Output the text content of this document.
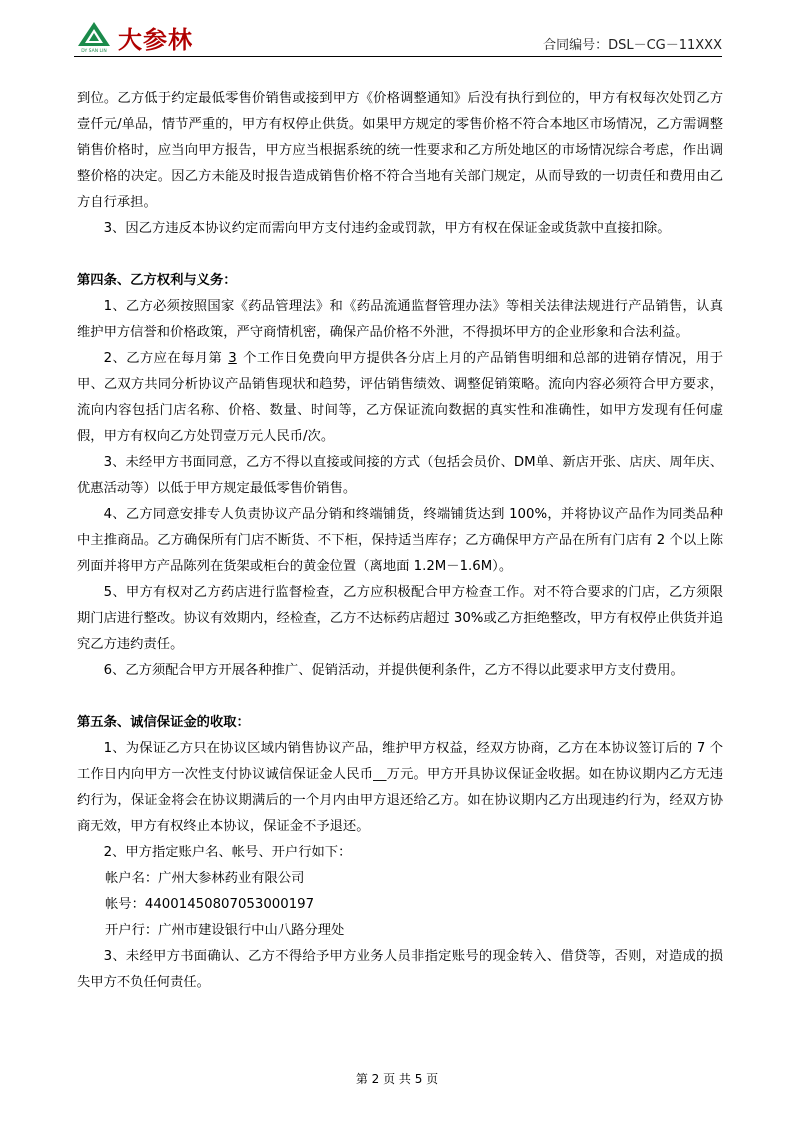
DY SAN LIN 大参林	合同编号：DSL－CG－11XXX

到位。乙方低于约定最低零售价销售或接到甲方《价格调整通知》后没有执行到位的，甲方有权每次处罚乙方壹仟元/单品，情节严重的，甲方有权停止供货。如果甲方规定的零售价格不符合本地区市场情况，乙方需调整销售价格时，应当向甲方报告，甲方应当根据系统的统一性要求和乙方所处地区的市场情况综合考虑，作出调整价格的决定。因乙方未能及时报告造成销售价格不符合当地有关部门规定，从而导致的一切责任和费用由乙方自行承担。

3、因乙方违反本协议约定而需向甲方支付违约金或罚款，甲方有权在保证金或货款中直接扣除。

第四条、乙方权利与义务：

1、乙方必须按照国家《药品管理法》和《药品流通监督管理办法》等相关法律法规进行产品销售，认真维护甲方信誉和价格政策，严守商情机密，确保产品价格不外泄，不得损坏甲方的企业形象和合法利益。

2、乙方应在每月第 3 个工作日免费向甲方提供各分店上月的产品销售明细和总部的进销存情况，用于甲、乙双方共同分析协议产品销售现状和趋势，评估销售绩效、调整促销策略。流向内容必须符合甲方要求，流向内容包括门店名称、价格、数量、时间等，乙方保证流向数据的真实性和准确性，如甲方发现有任何虚假，甲方有权向乙方处罚壹万元人民币/次。

3、未经甲方书面同意，乙方不得以直接或间接的方式（包括会员价、DM单、新店开张、店庆、周年庆、优惠活动等）以低于甲方规定最低零售价销售。

4、乙方同意安排专人负责协议产品分销和终端铺货，终端铺货达到 100%，并将协议产品作为同类品种中主推商品。乙方确保所有门店不断货、不下柜，保持适当库存；乙方确保甲方产品在所有门店有 2 个以上陈列面并将甲方产品陈列在货架或柜台的黄金位置（离地面 1.2M－1.6M）。

5、甲方有权对乙方药店进行监督检查，乙方应积极配合甲方检查工作。对不符合要求的门店，乙方须限期门店进行整改。协议有效期内，经检查，乙方不达标药店超过 30%或乙方拒绝整改，甲方有权停止供货并追究乙方违约责任。

6、乙方须配合甲方开展各种推广、促销活动，并提供便利条件，乙方不得以此要求甲方支付费用。

第五条、诚信保证金的收取：

1、为保证乙方只在协议区域内销售协议产品，维护甲方权益，经双方协商，乙方在本协议签订后的 7 个工作日内向甲方一次性支付协议诚信保证金人民币__万元。甲方开具协议保证金收据。如在协议期内乙方无违约行为，保证金将会在协议期满后的一个月内由甲方退还给乙方。如在协议期内乙方出现违约行为，经双方协商无效，甲方有权终止本协议，保证金不予退还。

2、甲方指定账户名、帐号、开户行如下：

帐户名：广州大参林药业有限公司

帐号：44001450807053000197

开户行：广州市建设银行中山八路分理处

3、未经甲方书面确认、乙方不得给予甲方业务人员非指定账号的现金转入、借贷等，否则，对造成的损失甲方不负任何责任。

第 2 页 共 5 页
